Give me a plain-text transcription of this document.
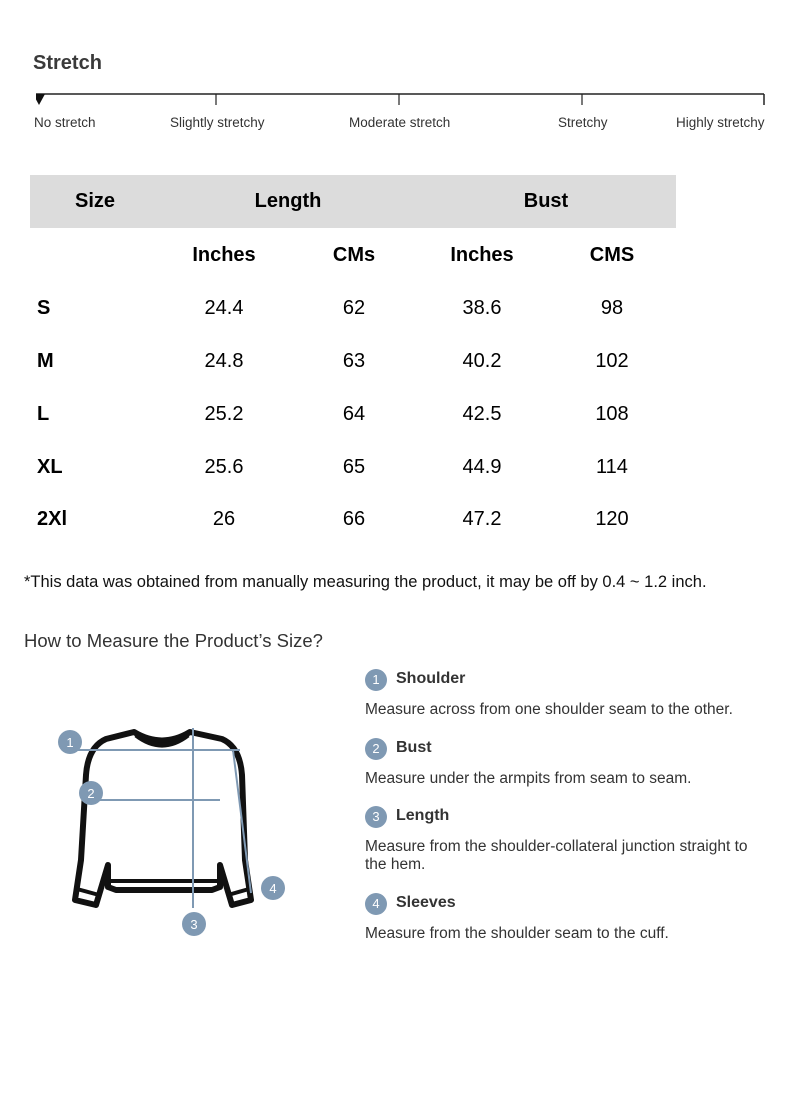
Stretch
No stretch	Slightly stretchy	Moderate stretch	Stretchy	Highly stretchy
Size	Length	Bust
Inches	CMs	Inches	CMS
S	24.4	62	38.6	98
M	24.8	63	40.2	102
L	25.2	64	42.5	108
XL	25.6	65	44.9	114
2Xl	26	66	47.2	120
*This data was obtained from manually measuring the product, it may be off by 0.4 ~ 1.2 inch.
How to Measure the Product’s Size?
1
2
3
4
1	Shoulder
Measure across from one shoulder seam to the other.
2	Bust
Measure under the armpits from seam to seam.
3	Length
Measure from the shoulder-collateral junction straight to the hem.
4	Sleeves
Measure from the shoulder seam to the cuff.
